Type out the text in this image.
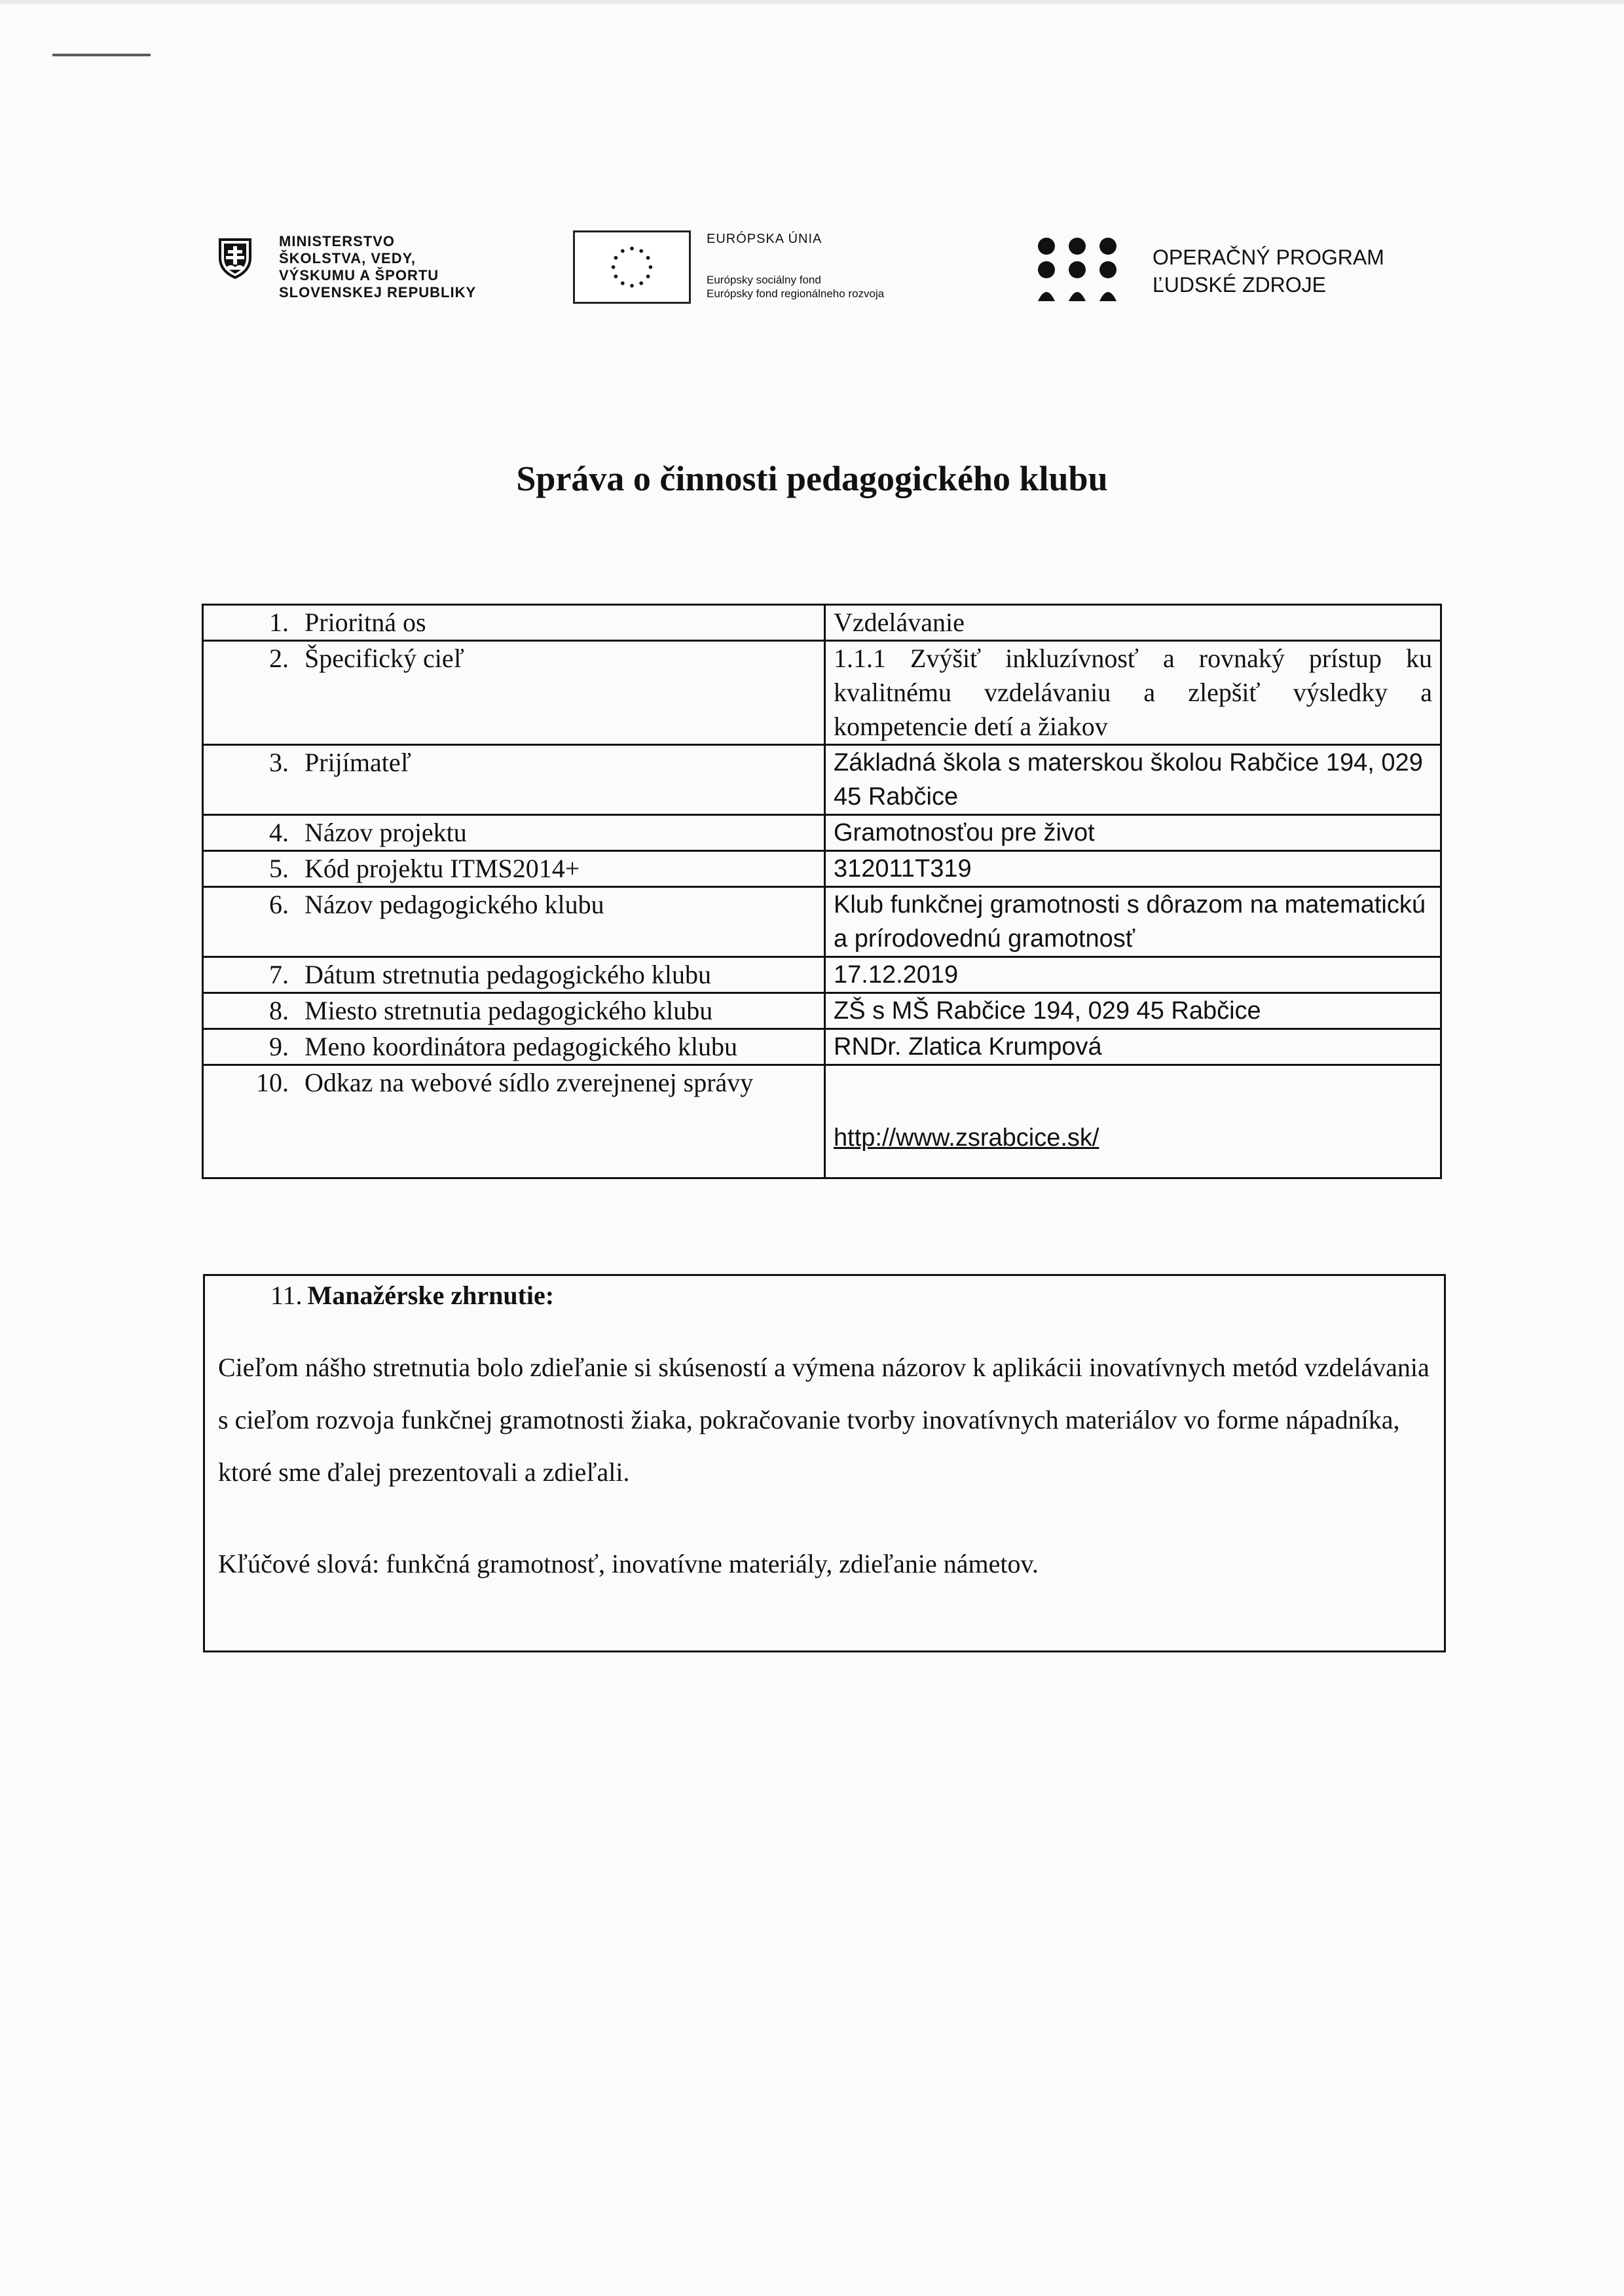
MINISTERSTVO
ŠKOLSTVA, VEDY,
VÝSKUMU A ŠPORTU
SLOVENSKEJ REPUBLIKY
EURÓPSKA ÚNIA
Európsky sociálny fond
Európsky fond regionálneho rozvoja
OPERAČNÝ PROGRAM
ĽUDSKÉ ZDROJE
Správa o činnosti pedagogického klubu
1. Prioritná os	Vzdelávanie

2. Špecifický cieľ	1.1.1 Zvýšiť inkluzívnosť a rovnaký prístup ku kvalitnému vzdelávaniu a zlepšiť výsledky a kompetencie detí a žiakov

3. Prijímateľ	Základná škola s materskou školou Rabčice 194, 029 45 Rabčice

4. Názov projektu	Gramotnosťou pre život

5. Kód projektu ITMS2014+	312011T319

6. Názov pedagogického klubu	Klub funkčnej gramotnosti s dôrazom na matematickú a prírodovednú gramotnosť

7. Dátum stretnutia pedagogického klubu	17.12.2019

8. Miesto stretnutia pedagogického klubu	ZŠ s MŠ Rabčice 194, 029 45 Rabčice

9. Meno koordinátora pedagogického klubu	RNDr. Zlatica Krumpová

10. Odkaz na webové sídlo zverejnenej správy	http://www.zsrabcice.sk/
11. Manažérske zhrnutie:
Cieľom nášho stretnutia bolo zdieľanie si skúseností a výmena názorov k aplikácii inovatívnych metód vzdelávania s cieľom rozvoja funkčnej gramotnosti žiaka, pokračovanie tvorby inovatívnych materiálov vo forme nápadníka, ktoré sme ďalej prezentovali a zdieľali.
Kľúčové slová: funkčná gramotnosť, inovatívne materiály, zdieľanie námetov.
